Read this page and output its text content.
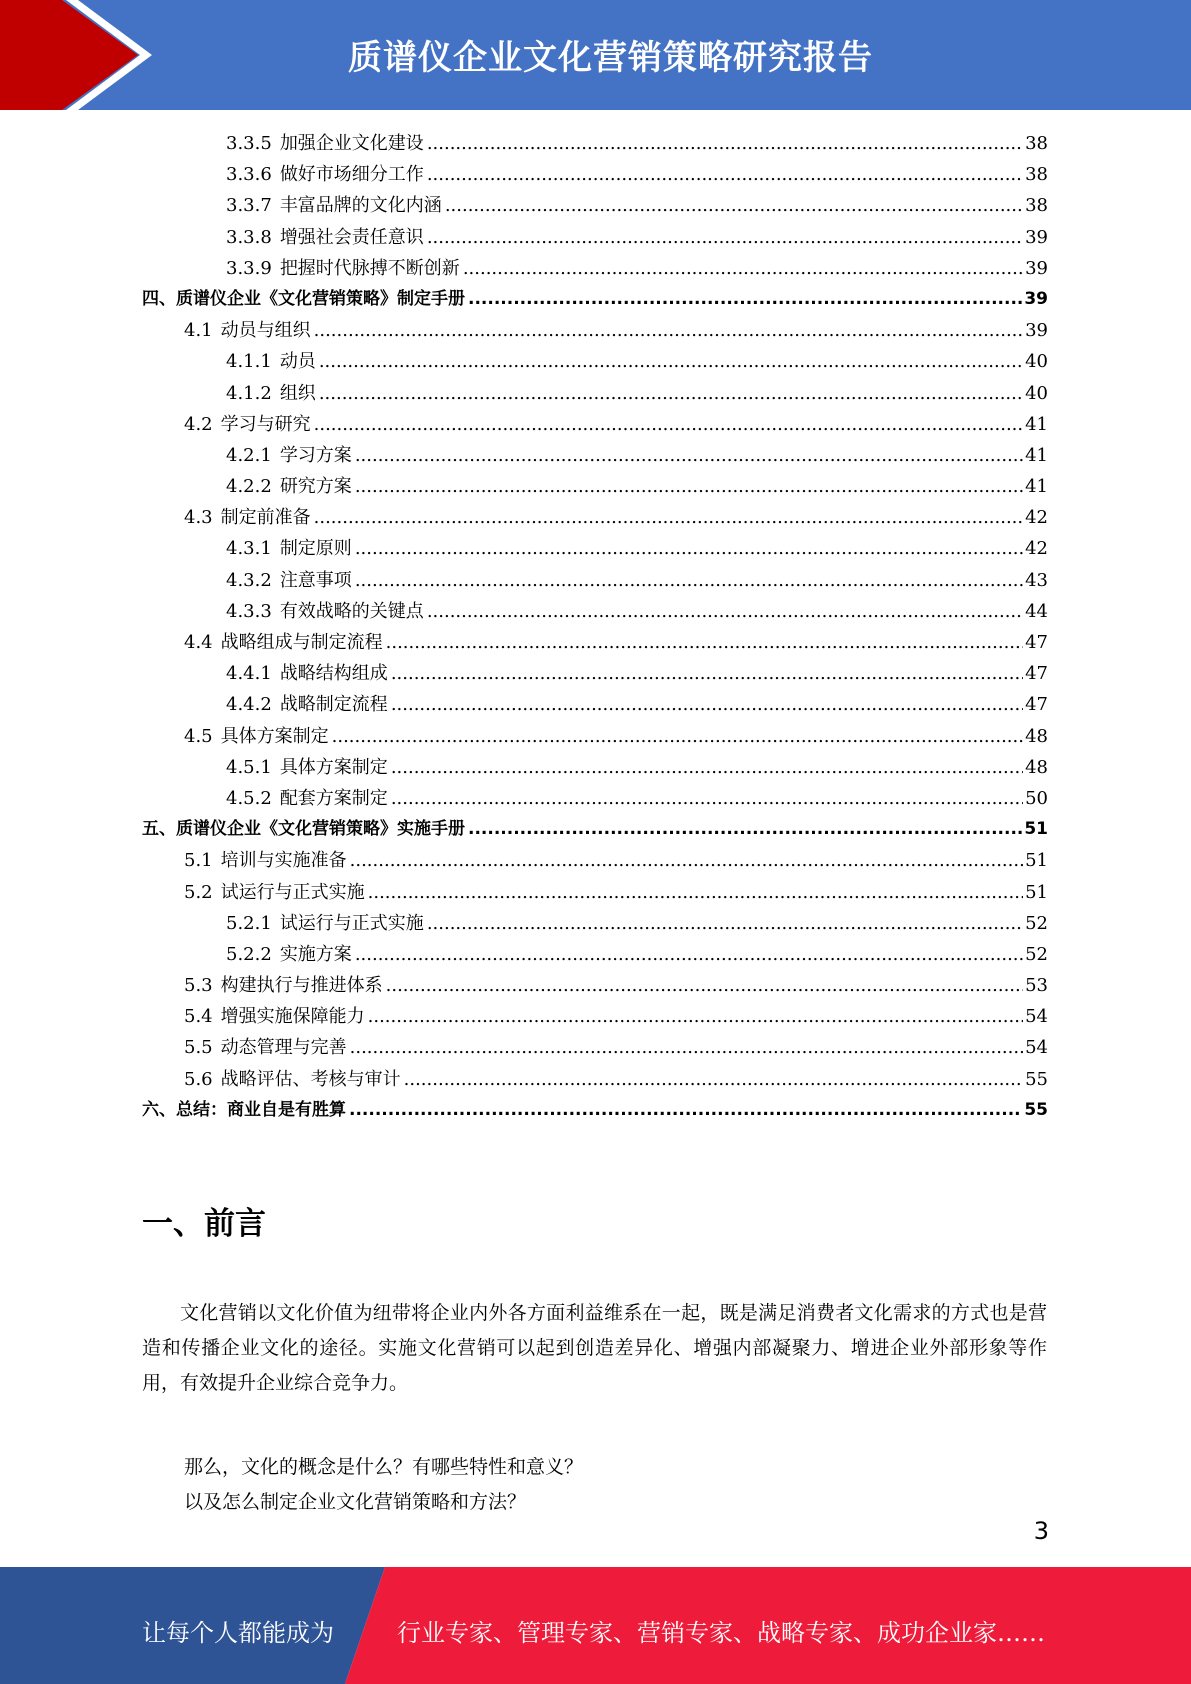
质谱仪企业文化营销策略研究报告
3.3.5 加强企业文化建设 .....	38
3.3.6 做好市场细分工作 .....	38
3.3.7 丰富品牌的文化内涵 .....	38
3.3.8 增强社会责任意识 .....	39
3.3.9 把握时代脉搏不断创新 .....	39
四、质谱仪企业《文化营销策略》制定手册 .....	39
4.1 动员与组织 .....	39
4.1.1 动员 .....	40
4.1.2 组织 .....	40
4.2 学习与研究 .....	41
4.2.1 学习方案 .....	41
4.2.2 研究方案 .....	41
4.3 制定前准备 .....	42
4.3.1 制定原则 .....	42
4.3.2 注意事项 .....	43
4.3.3 有效战略的关键点 .....	44
4.4 战略组成与制定流程 .....	47
4.4.1 战略结构组成 .....	47
4.4.2 战略制定流程 .....	47
4.5 具体方案制定 .....	48
4.5.1 具体方案制定 .....	48
4.5.2 配套方案制定 .....	50
五、质谱仪企业《文化营销策略》实施手册 .....	51
5.1 培训与实施准备 .....	51
5.2 试运行与正式实施 .....	51
5.2.1 试运行与正式实施 .....	52
5.2.2 实施方案 .....	52
5.3 构建执行与推进体系 .....	53
5.4 增强实施保障能力 .....	54
5.5 动态管理与完善 .....	54
5.6 战略评估、考核与审计 .....	55
六、总结：商业自是有胜算 .....	55
一、前言
文化营销以文化价值为纽带将企业内外各方面利益维系在一起，既是满足消费者文化需求的方式也是营造和传播企业文化的途径。实施文化营销可以起到创造差异化、增强内部凝聚力、增进企业外部形象等作用，有效提升企业综合竞争力。
那么，文化的概念是什么？有哪些特性和意义？
以及怎么制定企业文化营销策略和方法？
3
让每个人都能成为	行业专家、管理专家、营销专家、战略专家、成功企业家……
